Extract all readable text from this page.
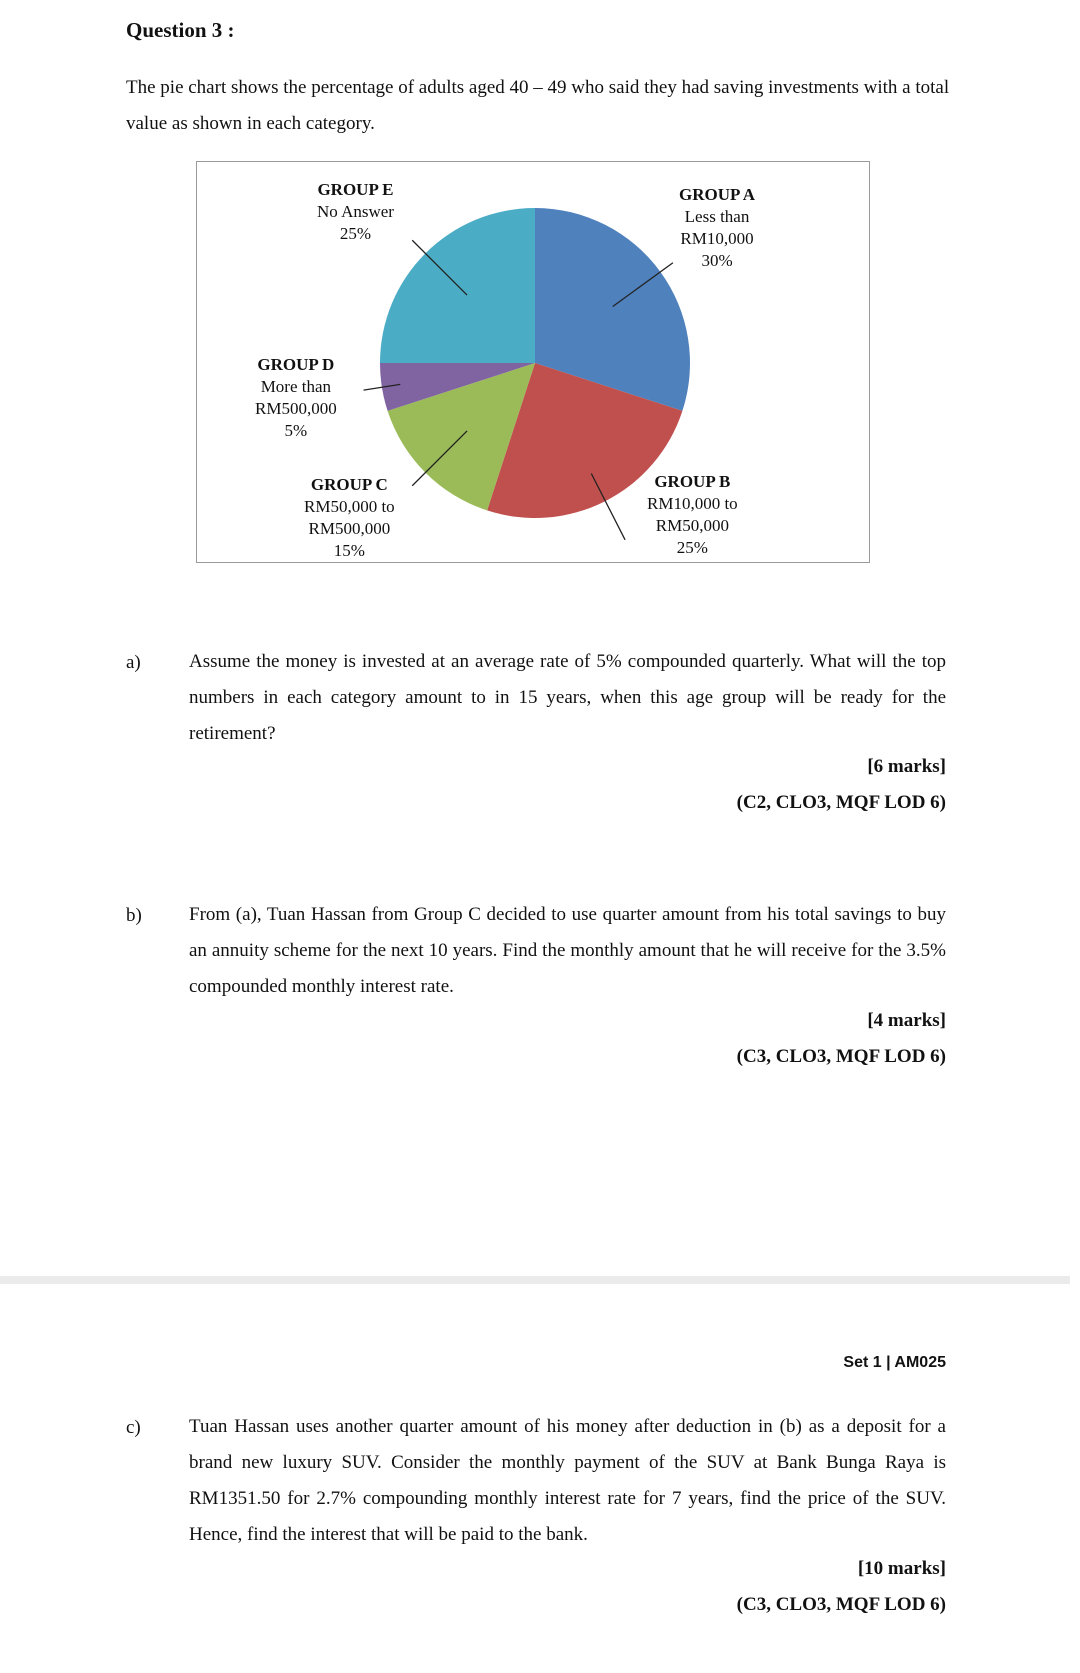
Question 3 :
The pie chart shows the percentage of adults aged 40 – 49 who said they had saving investments with a total value as shown in each category.
GROUP A
Less than
RM10,000
30%
GROUP B
RM10,000 to
RM50,000
25%
GROUP C
RM50,000 to
RM500,000
15%
GROUP D
More than
RM500,000
5%
GROUP E
No Answer
25%
a)	Assume the money is invested at an average rate of 5% compounded quarterly. What will the top numbers in each category amount to in 15 years, when this age group will be ready for the retirement?
[6 marks]
(C2, CLO3, MQF LOD 6)
b) From (a), Tuan Hassan from Group C decided to use quarter amount from his total savings to buy an annuity scheme for the next 10 years. Find the monthly amount that he will receive for the 3.5% compounded monthly interest rate.
[4 marks]
(C3, CLO3, MQF LOD 6)
Set 1 | AM025
c)	Tuan Hassan uses another quarter amount of his money after deduction in (b) as a deposit for a brand new luxury SUV. Consider the monthly payment of the SUV at Bank Bunga Raya is RM1351.50 for 2.7% compounding monthly interest rate for 7 years, find the price of the SUV. Hence, find the interest that will be paid to the bank.
[10 marks]
(C3, CLO3, MQF LOD 6)
